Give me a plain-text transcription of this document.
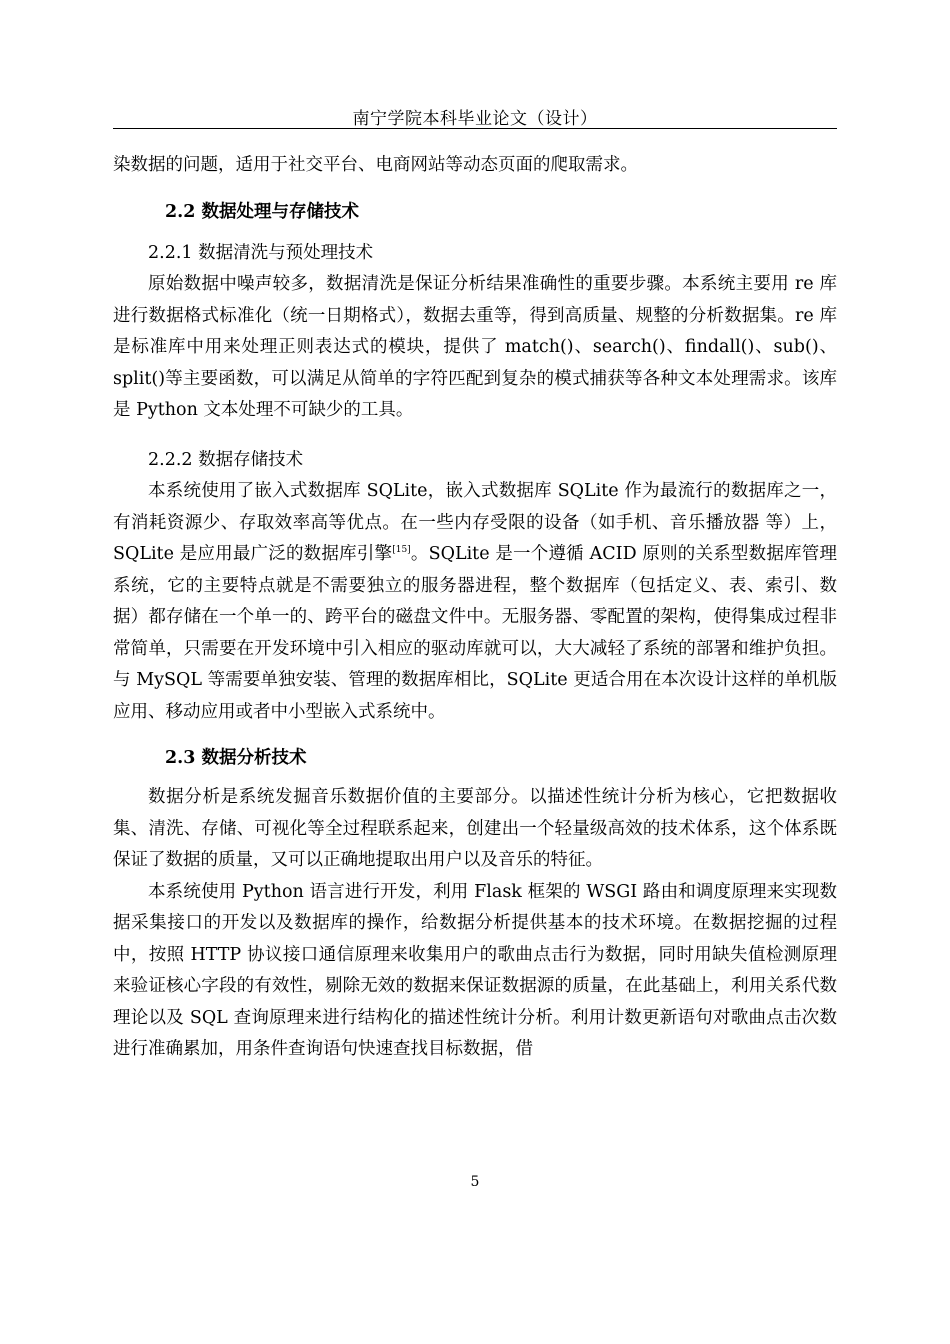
南宁学院本科毕业论文（设计）

染数据的问题，适用于社交平台、电商网站等动态页面的爬取需求。

2.2 数据处理与存储技术

2.2.1 数据清洗与预处理技术

原始数据中噪声较多，数据清洗是保证分析结果准确性的重要步骤。本系统主要用 re 库进行数据格式标准化（统一日期格式），数据去重等，得到高质量、规整的分析数据集。re 库是标准库中用来处理正则表达式的模块，提供了 match()、search()、findall()、sub()、split()等主要函数，可以满足从简单的字符匹配到复杂的模式捕获等各种文本处理需求。该库是 Python 文本处理不可缺少的工具。

2.2.2 数据存储技术

本系统使用了嵌入式数据库 SQLite，嵌入式数据库 SQLite 作为最流行的数据库之一，有消耗资源少、存取效率高等优点。在一些内存受限的设备（如手机、音乐播放器 等）上，SQLite 是应用最广泛的数据库引擎[15]。SQLite 是一个遵循 ACID 原则的关系型数据库管理系统，它的主要特点就是不需要独立的服务器进程，整个数据库（包括定义、表、索引、数据）都存储在一个单一的、跨平台的磁盘文件中。无服务器、零配置的架构，使得集成过程非常简单，只需要在开发环境中引入相应的驱动库就可以，大大减轻了系统的部署和维护负担。与 MySQL 等需要单独安装、管理的数据库相比，SQLite 更适合用在本次设计这样的单机版应用、移动应用或者中小型嵌入式系统中。

2.3 数据分析技术

数据分析是系统发掘音乐数据价值的主要部分。以描述性统计分析为核心，它把数据收集、清洗、存储、可视化等全过程联系起来，创建出一个轻量级高效的技术体系，这个体系既保证了数据的质量，又可以正确地提取出用户以及音乐的特征。

本系统使用 Python 语言进行开发，利用 Flask 框架的 WSGI 路由和调度原理来实现数据采集接口的开发以及数据库的操作，给数据分析提供基本的技术环境。在数据挖掘的过程中，按照 HTTP 协议接口通信原理来收集用户的歌曲点击行为数据，同时用缺失值检测原理来验证核心字段的有效性，剔除无效的数据来保证数据源的质量，在此基础上，利用关系代数理论以及 SQL 查询原理来进行结构化的描述性统计分析。利用计数更新语句对歌曲点击次数进行准确累加，用条件查询语句快速查找目标数据，借

5
